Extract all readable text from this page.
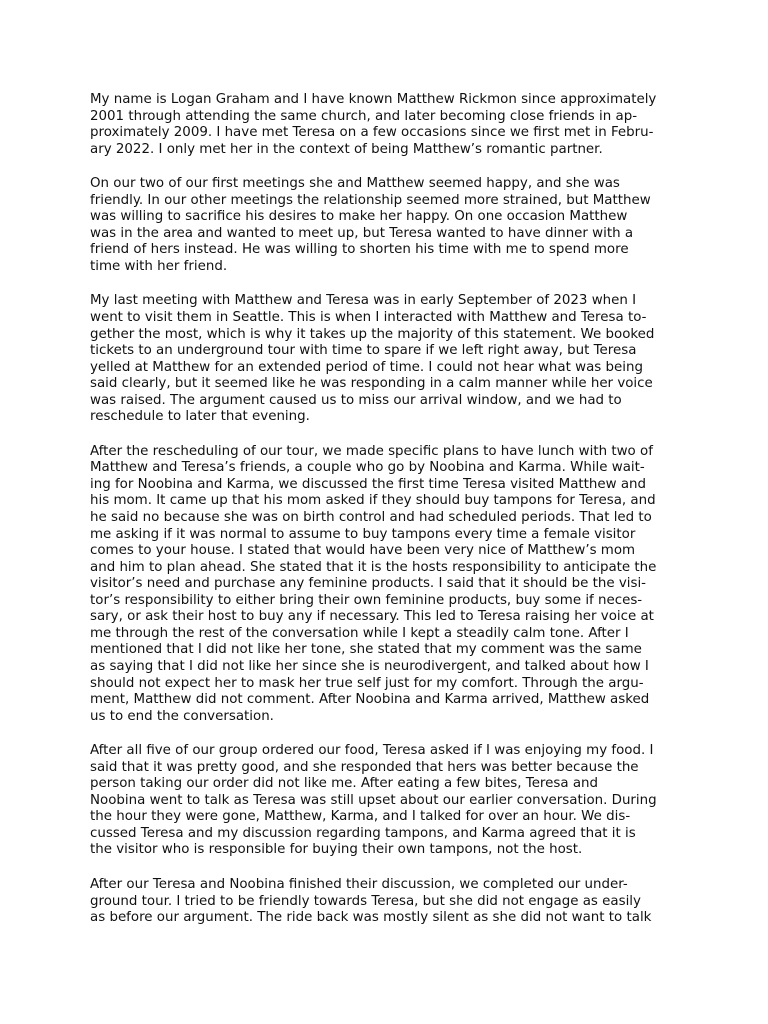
My name is Logan Graham and I have known Matthew Rickmon since approximately
2001 through attending the same church, and later becoming close friends in ap-
proximately 2009. I have met Teresa on a few occasions since we first met in Febru-
ary 2022. I only met her in the context of being Matthew’s romantic partner.

On our two of our first meetings she and Matthew seemed happy, and she was
friendly. In our other meetings the relationship seemed more strained, but Matthew
was willing to sacrifice his desires to make her happy. On one occasion Matthew
was in the area and wanted to meet up, but Teresa wanted to have dinner with a
friend of hers instead. He was willing to shorten his time with me to spend more
time with her friend.

My last meeting with Matthew and Teresa was in early September of 2023 when I
went to visit them in Seattle. This is when I interacted with Matthew and Teresa to-
gether the most, which is why it takes up the majority of this statement. We booked
tickets to an underground tour with time to spare if we left right away, but Teresa
yelled at Matthew for an extended period of time. I could not hear what was being
said clearly, but it seemed like he was responding in a calm manner while her voice
was raised. The argument caused us to miss our arrival window, and we had to
reschedule to later that evening.

After the rescheduling of our tour, we made specific plans to have lunch with two of
Matthew and Teresa’s friends, a couple who go by Noobina and Karma. While wait-
ing for Noobina and Karma, we discussed the first time Teresa visited Matthew and
his mom. It came up that his mom asked if they should buy tampons for Teresa, and
he said no because she was on birth control and had scheduled periods. That led to
me asking if it was normal to assume to buy tampons every time a female visitor
comes to your house. I stated that would have been very nice of Matthew’s mom
and him to plan ahead. She stated that it is the hosts responsibility to anticipate the
visitor’s need and purchase any feminine products. I said that it should be the visi-
tor’s responsibility to either bring their own feminine products, buy some if neces-
sary, or ask their host to buy any if necessary. This led to Teresa raising her voice at
me through the rest of the conversation while I kept a steadily calm tone. After I
mentioned that I did not like her tone, she stated that my comment was the same
as saying that I did not like her since she is neurodivergent, and talked about how I
should not expect her to mask her true self just for my comfort. Through the argu-
ment, Matthew did not comment. After Noobina and Karma arrived, Matthew asked
us to end the conversation.

After all five of our group ordered our food, Teresa asked if I was enjoying my food. I
said that it was pretty good, and she responded that hers was better because the
person taking our order did not like me. After eating a few bites, Teresa and
Noobina went to talk as Teresa was still upset about our earlier conversation. During
the hour they were gone, Matthew, Karma, and I talked for over an hour. We dis-
cussed Teresa and my discussion regarding tampons, and Karma agreed that it is
the visitor who is responsible for buying their own tampons, not the host.

After our Teresa and Noobina finished their discussion, we completed our under-
ground tour. I tried to be friendly towards Teresa, but she did not engage as easily
as before our argument. The ride back was mostly silent as she did not want to talk
